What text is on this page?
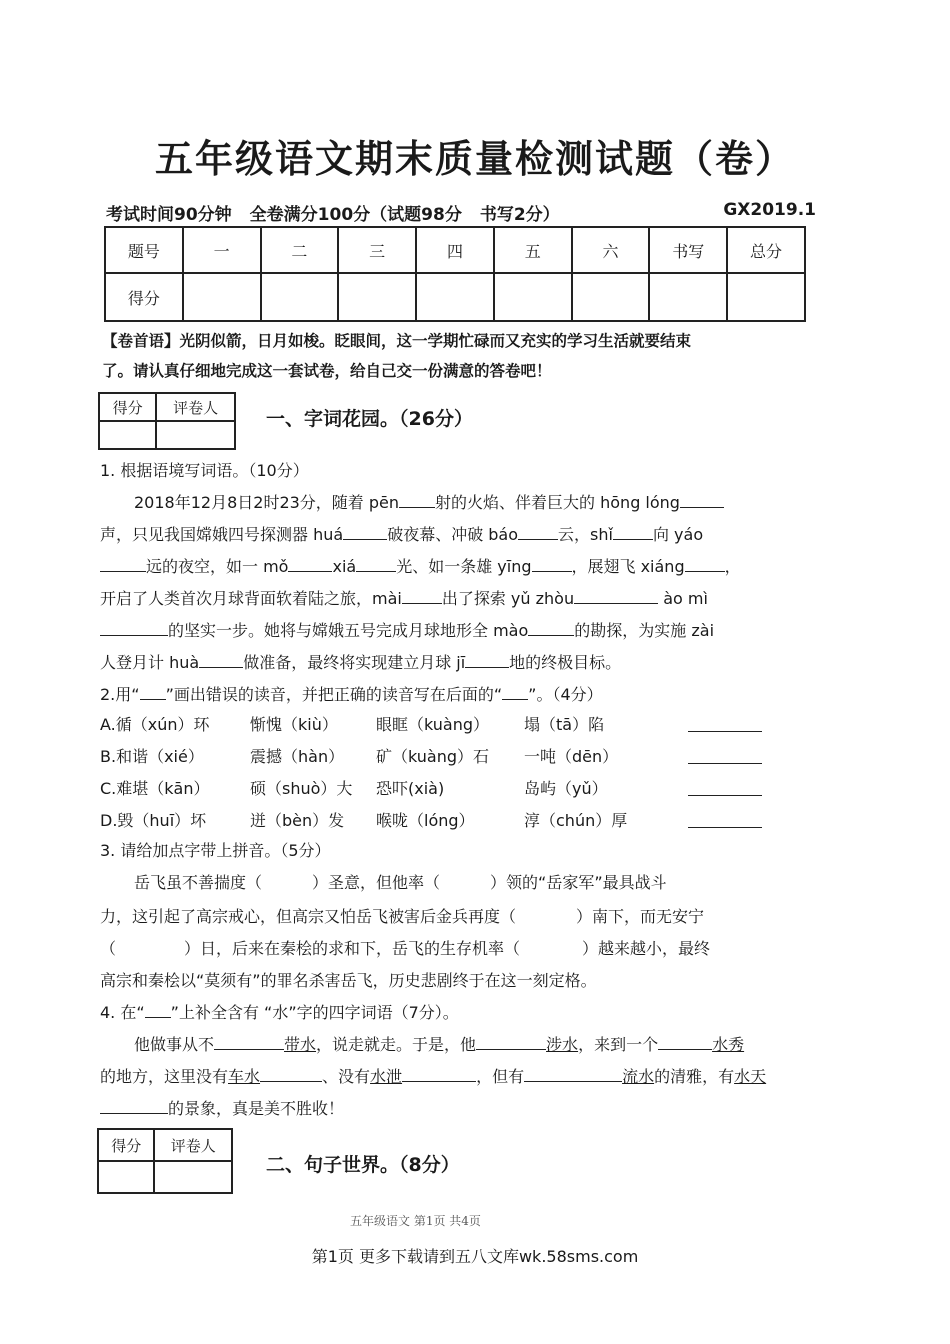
五年级语文期末质量检测试题（卷）
考试时间90分钟 全卷满分100分（试题98分 书写2分）	GX2019.1
题号	一	二	三	四	五	六	书写	总分
得分								
【卷首语】光阴似箭，日月如梭。眨眼间，这一学期忙碌而又充实的学习生活就要结束
了。请认真仔细地完成这一套试卷，给自己交一份满意的答卷吧！
得分	评卷人

一、字词花园。（26分）
1. 根据语境写词语。（10分）
2018年12月8日2时23分，随着 pēn 射的火焰、伴着巨大的 hōng lóng
声，只见我国嫦娥四号探测器 huá	破夜幕、冲破 báo	云，shǐ	向 yáo
远的夜空，如一 mǒ	xiá	光、如一条雄 yīng	，展翅飞 xiáng	，
开启了人类首次月球背面软着陆之旅，mài	出了探索 yǔ zhòu	ào mì
的坚实一步。她将与嫦娥五号完成月球地形全 mào	的勘探，为实施 zài
人登月计 huà	做准备，最终将实现建立月球 jī	地的终极目标。
2.用“ ”画出错误的读音，并把正确的读音写在后面的“ ”。（4分）
A.循（xún）环	惭愧（kiù） 眼眶（kuàng） 塌（tā）陷
B.和谐（xié）	震撼（hàn） 矿（kuàng）石 一吨（dēn）
C.难堪（kān）	硕（shuò）大 恐吓(xià)	岛屿（yǔ）
D.毁（huī）坏	迸（bèn）发 喉咙（lóng）	淳（chún）厚
3. 请给加点字带上拼音。（5分）
岳飞虽不善揣度（	）圣意，但他率（	）领的“岳家军”最具战斗
力，这引起了高宗戒心，但高宗又怕岳飞被害后金兵再度（	）南下，而无安宁
（	）日，后来在秦桧的求和下，岳飞的生存机率（	）越来越小，最终
高宗和秦桧以“莫须有”的罪名杀害岳飞，历史悲剧终于在这一刻定格。
4. 在“ ”上补全含有 “水”字的四字词语（7分）。
他做事从不	带水，说走就走。于是，他	涉水，来到一个	水秀
的地方，这里没有车水	、没有水泄	，但有	流水的清雅，有水天
的景象，真是美不胜收！
得分	评卷人

二、句子世界。（8分）
五年级语文 第1页 共4页
第1页 更多下载请到五八文库wk.58sms.com
